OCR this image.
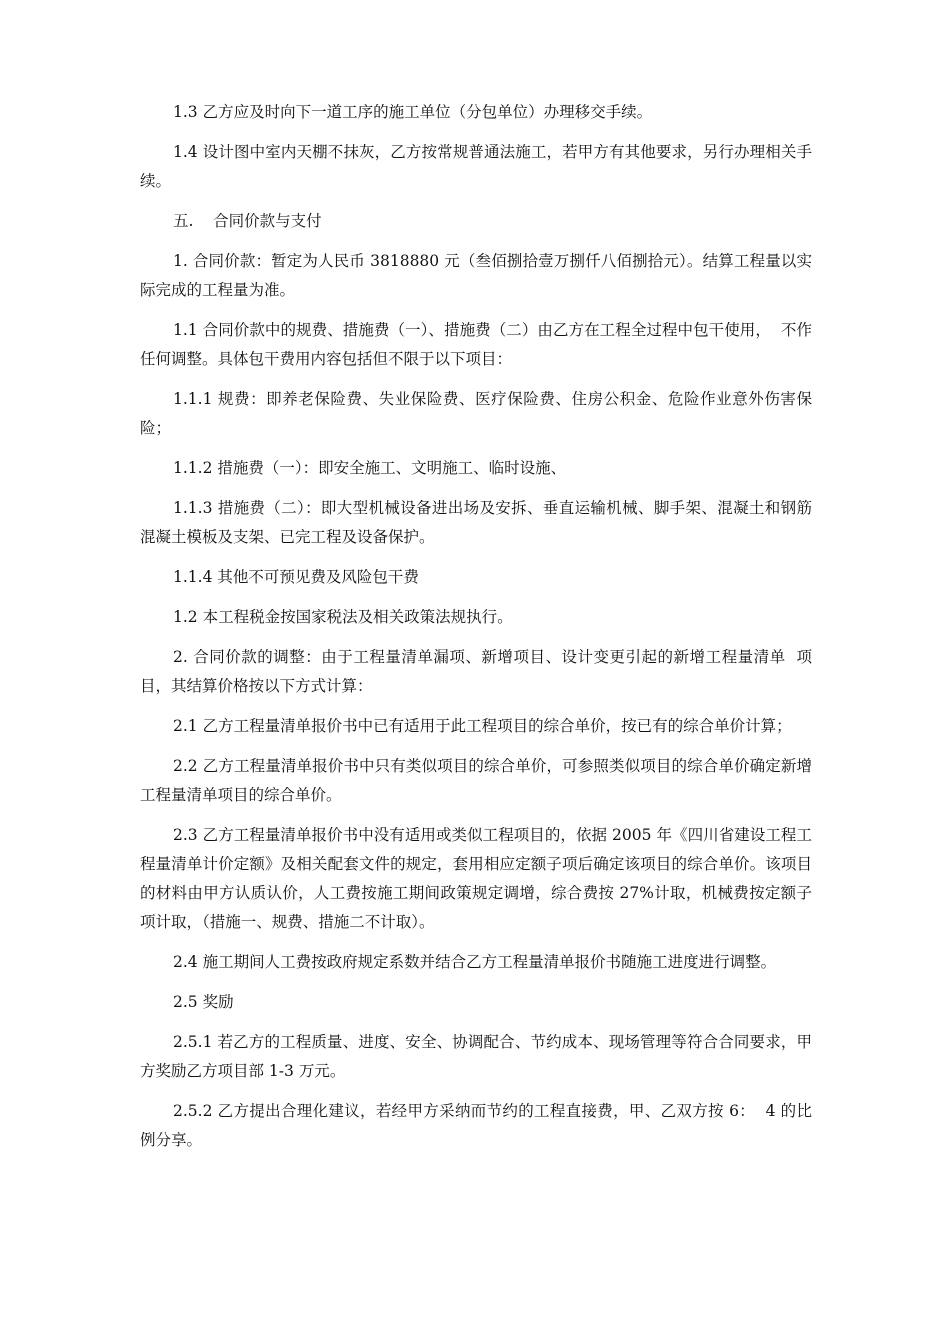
1.3 乙方应及时向下一道工序的施工单位（分包单位）办理移交手续。

1.4 设计图中室内天棚不抹灰，乙方按常规普通法施工，若甲方有其他要求，另行办理相关手续。

五.    合同价款与支付

1. 合同价款：暂定为人民币 3818880 元（叁佰捌拾壹万捌仟八佰捌拾元）。结算工程量以实际完成的工程量为准。

1.1 合同价款中的规费、措施费（一）、措施费（二）由乙方在工程全过程中包干使用，  不作任何调整。具体包干费用内容包括但不限于以下项目：

1.1.1 规费：即养老保险费、失业保险费、医疗保险费、住房公积金、危险作业意外伤害保险；

1.1.2 措施费（一）：即安全施工、文明施工、临时设施、

1.1.3 措施费（二）：即大型机械设备进出场及安拆、垂直运输机械、脚手架、混凝土和钢筋混凝土模板及支架、已完工程及设备保护。

1.1.4 其他不可预见费及风险包干费

1.2 本工程税金按国家税法及相关政策法规执行。

2. 合同价款的调整：由于工程量清单漏项、新增项目、设计变更引起的新增工程量清单  项目，其结算价格按以下方式计算：

2.1 乙方工程量清单报价书中已有适用于此工程项目的综合单价，按已有的综合单价计算；

2.2 乙方工程量清单报价书中只有类似项目的综合单价，可参照类似项目的综合单价确定新增工程量清单项目的综合单价。

2.3 乙方工程量清单报价书中没有适用或类似工程项目的，依据 2005 年《四川省建设工程工程量清单计价定额》及相关配套文件的规定，套用相应定额子项后确定该项目的综合单价。该项目的材料由甲方认质认价，人工费按施工期间政策规定调增，综合费按 27%计取，机械费按定额子项计取，（措施一、规费、措施二不计取）。

2.4 施工期间人工费按政府规定系数并结合乙方工程量清单报价书随施工进度进行调整。

2.5 奖励

2.5.1 若乙方的工程质量、进度、安全、协调配合、节约成本、现场管理等符合合同要求，甲方奖励乙方项目部 1-3 万元。

2.5.2 乙方提出合理化建议，若经甲方采纳而节约的工程直接费，甲、乙双方按 6：  4 的比例分享。
